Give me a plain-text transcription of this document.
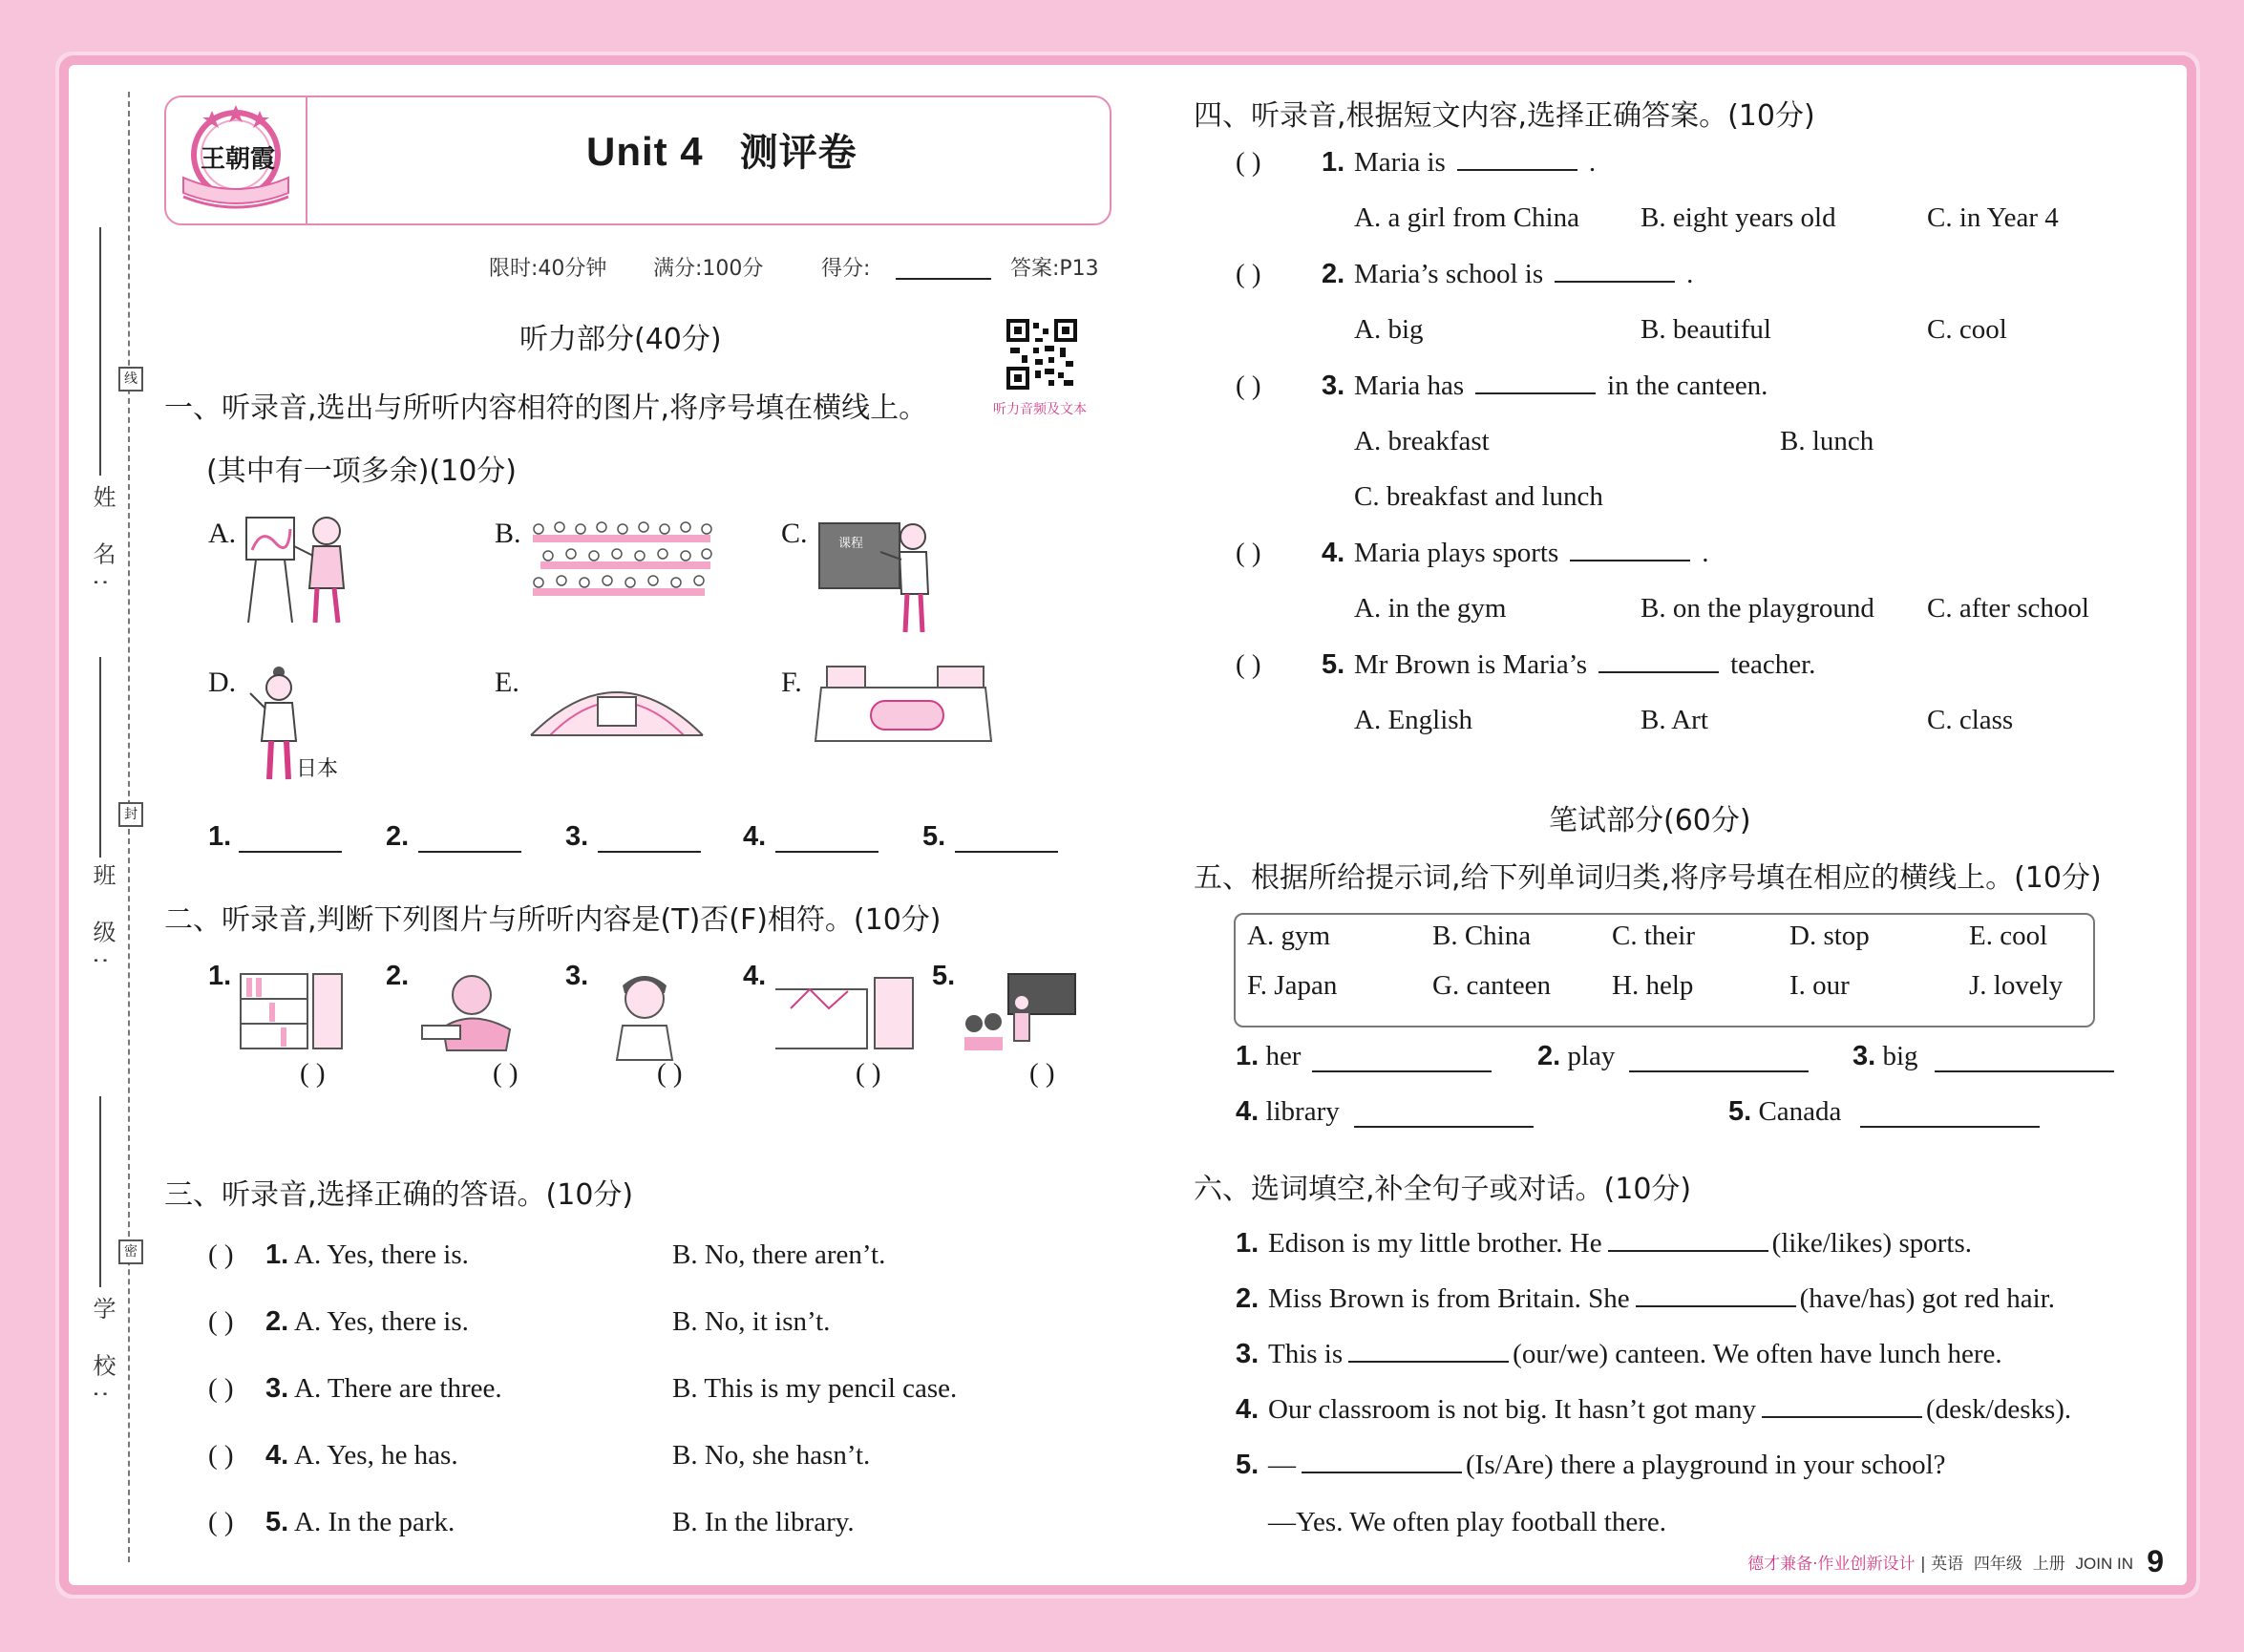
姓 名:
班 级:
学 校:
线
封
密
王朝霞	Unit 4 测评卷
限时:40分钟 满分:100分	得分:	答案:P13
听力部分(40分)
听力音频及文本
一、听录音,选出与所听内容相符的图片,将序号填在横线上。
(其中有一项多余)(10分)
A.	B.	C. 课程
D.
日本
E.	F.
1.	2.	3.	4.	5.
二、听录音,判断下列图片与所听内容是(T)否(F)相符。(10分)
1.
( )
2.
( )
3.
( )
4.
( )
5.
( )
三、听录音,选择正确的答语。(10分)
( ) 1. A. Yes, there is.	B. No, there aren’t.
( ) 2. A. Yes, there is.	B. No, it isn’t.
( ) 3. A. There are three.	B. This is my pencil case.
( ) 4. A. Yes, he has.	B. No, she hasn’t.
( ) 5. A. In the park.	B. In the library.
四、听录音,根据短文内容,选择正确答案。(10分)
( ) 1. Maria is	.
A. a girl from China B. eight years old	C. in Year 4
( ) 2. Maria’s school is	.
A. big	B. beautiful	C. cool
( ) 3. Maria has	in the canteen.
A. breakfast	B. lunch
C. breakfast and lunch
( ) 4. Maria plays sports	.
A. in the gym	B. on the playground C. after school
( ) 5. Mr Brown is Maria’s	teacher.
A. English	B. Art	C. class
笔试部分(60分)
五、根据所给提示词,给下列单词归类,将序号填在相应的横线上。(10分)
A. gym	B. China	C. their	D. stop	E. cool
F. Japan	G. canteen H. help	I. our	J. lovely
1. her	2. play	3. big
4. library	5. Canada
六、选词填空,补全句子或对话。(10分)
1. Edison is my little brother. He	(like/likes) sports.
2. Miss Brown is from Britain. She	(have/has) got red hair.
3. This is	(our/we) canteen. We often have lunch here.
4. Our classroom is not big. It hasn’t got many	(desk/desks).
5. —	(Is/Are) there a playground in your school?
—Yes. We often play football there.
德才兼备·作业创新设计 | 英语 四年级 上册 JOIN IN 9
